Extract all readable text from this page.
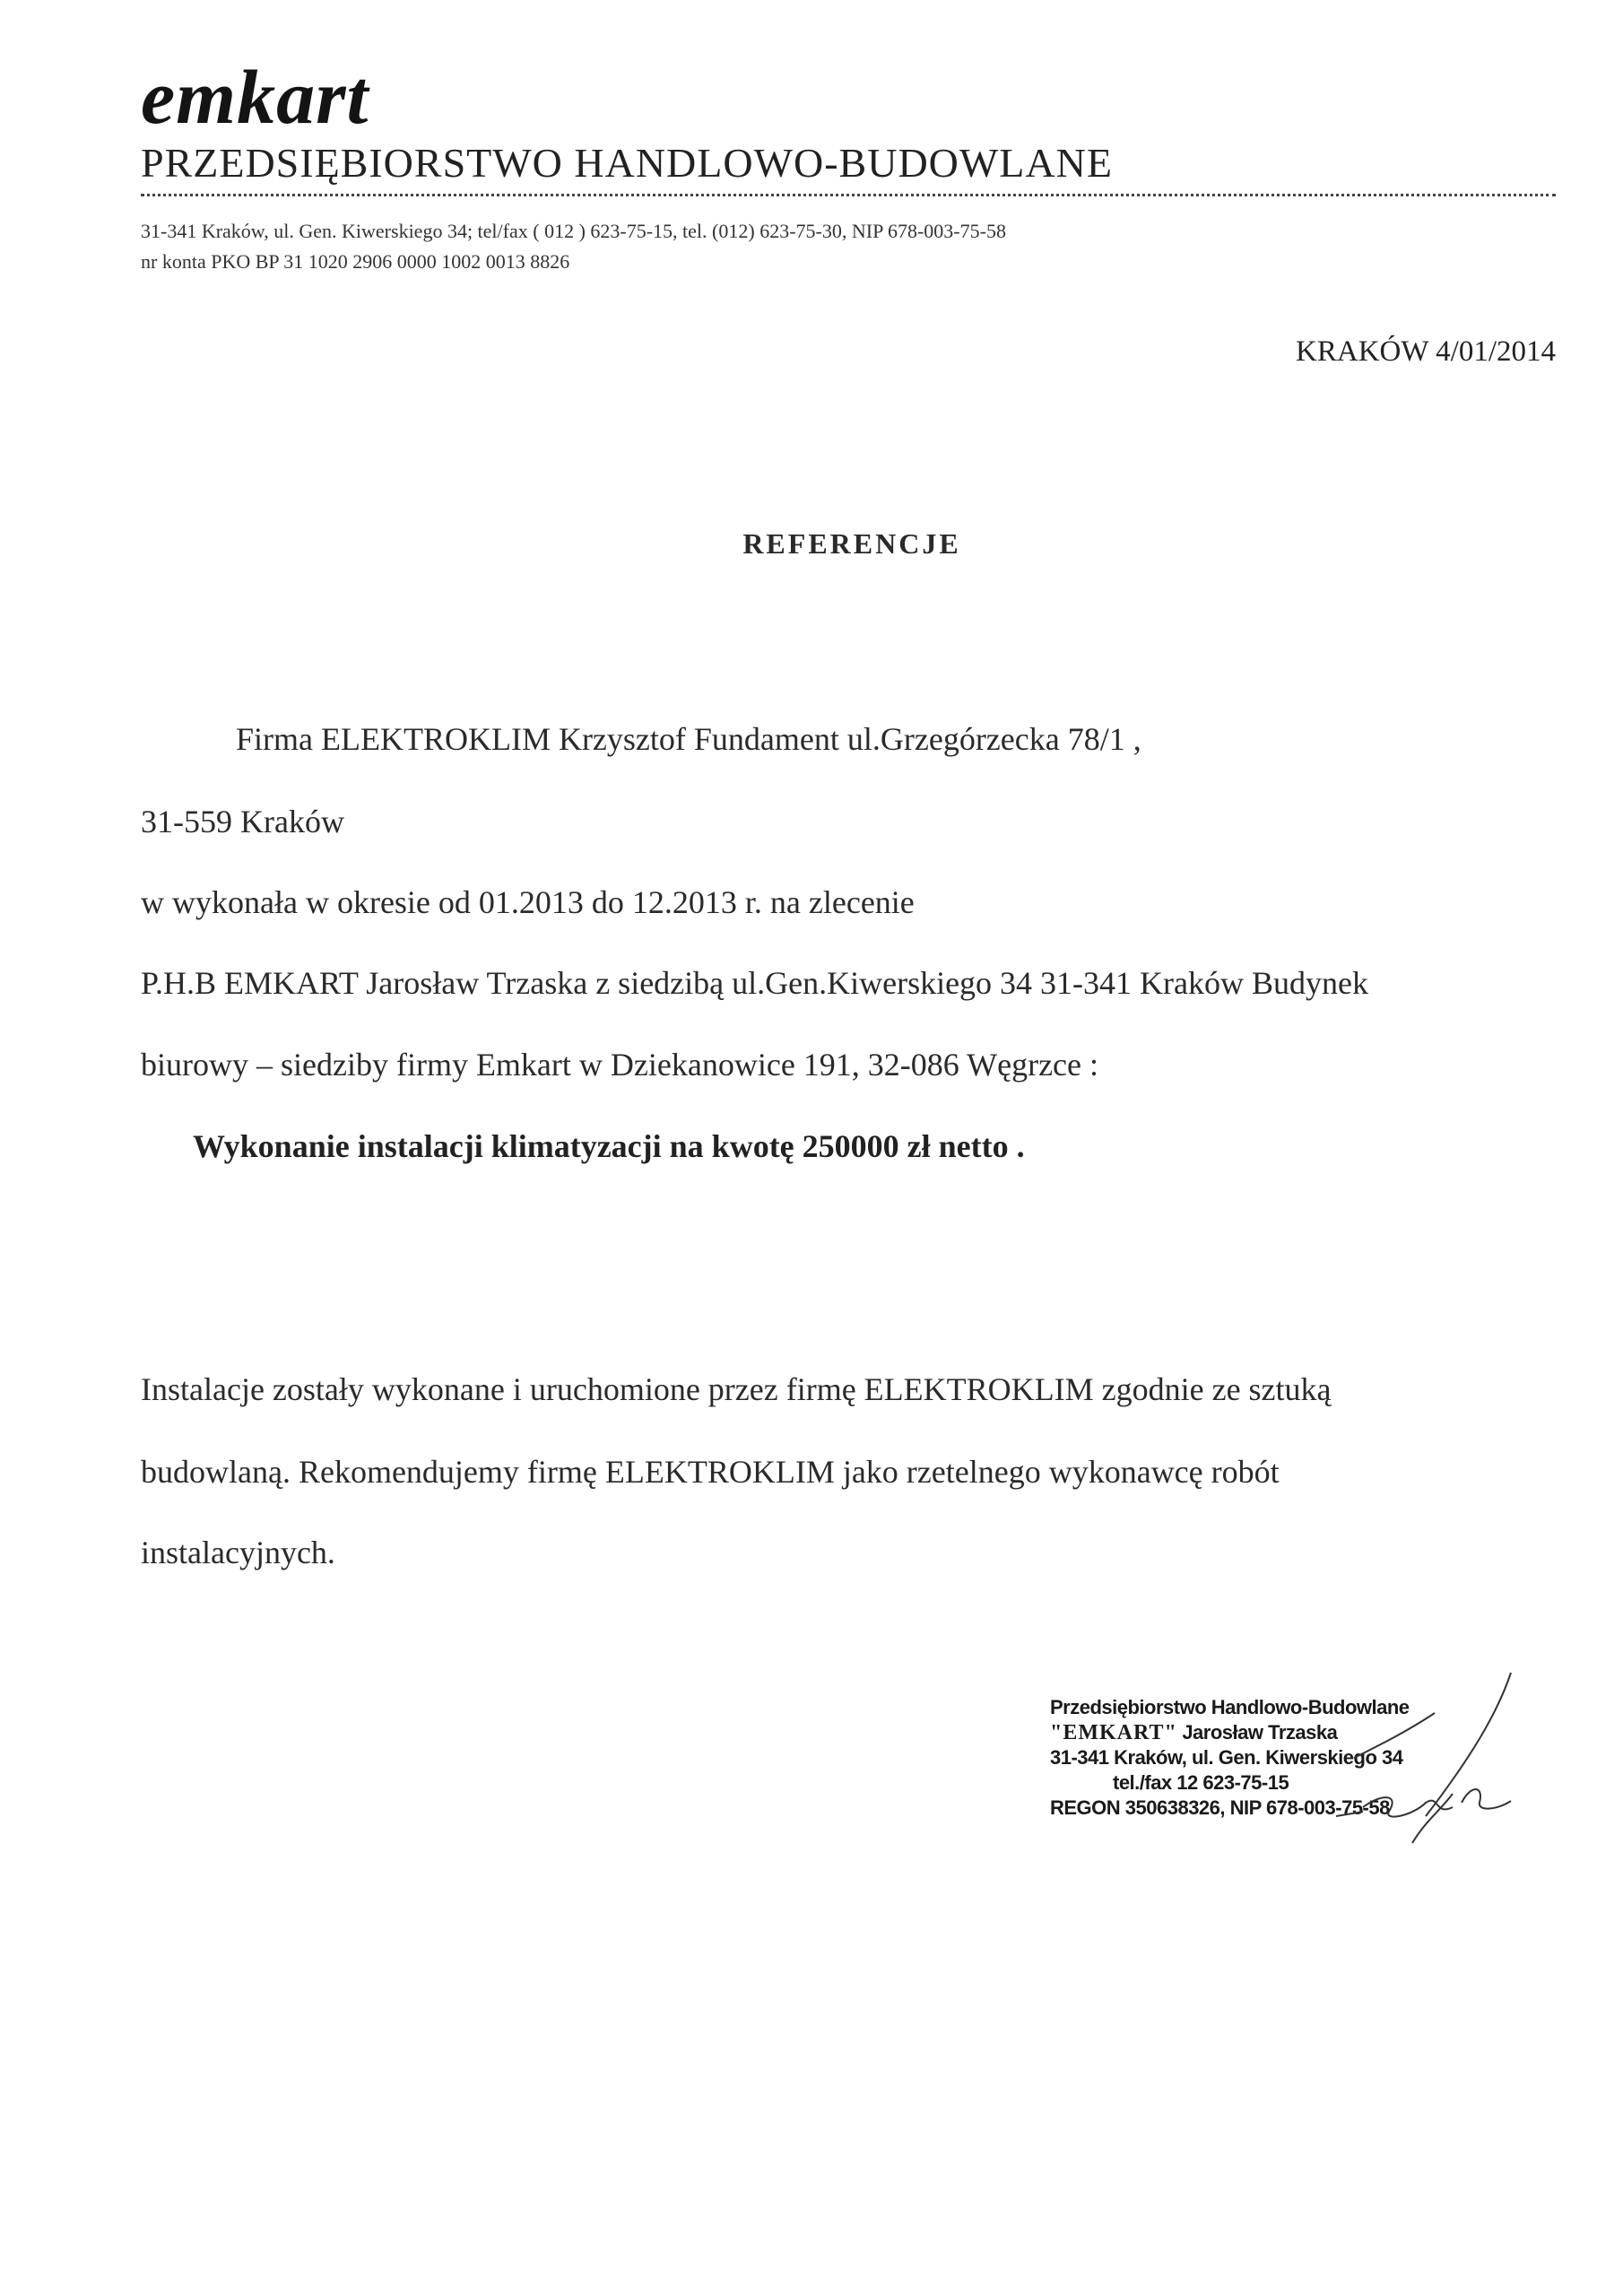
emkart
PRZEDSIĘBIORSTWO HANDLOWO-BUDOWLANE
31-341 Kraków, ul. Gen. Kiwerskiego 34; tel/fax ( 012 ) 623-75-15, tel. (012) 623-75-30, NIP 678-003-75-58
nr konta PKO BP 31 1020 2906 0000 1002 0013 8826
KRAKÓW 4/01/2014
REFERENCJE
Firma ELEKTROKLIM Krzysztof Fundament ul.Grzegórzecka 78/1 ,
31-559 Kraków
w wykonała w okresie od 01.2013 do 12.2013 r. na zlecenie
P.H.B EMKART Jarosław Trzaska z siedzibą ul.Gen.Kiwerskiego 34 31-341 Kraków Budynek
biurowy – siedziby firmy Emkart w Dziekanowice 191, 32-086 Węgrzce :
Wykonanie instalacji klimatyzacji na kwotę 250000 zł netto .
Instalacje zostały wykonane i uruchomione przez firmę ELEKTROKLIM zgodnie ze sztuką
budowlaną. Rekomendujemy firmę ELEKTROKLIM jako rzetelnego wykonawcę robót
instalacyjnych.
Przedsiębiorstwo Handlowo-Budowlane
"EMKART" Jarosław Trzaska
31-341 Kraków, ul. Gen. Kiwerskiego 34
tel./fax 12 623-75-15
REGON 350638326, NIP 678-003-75-58
